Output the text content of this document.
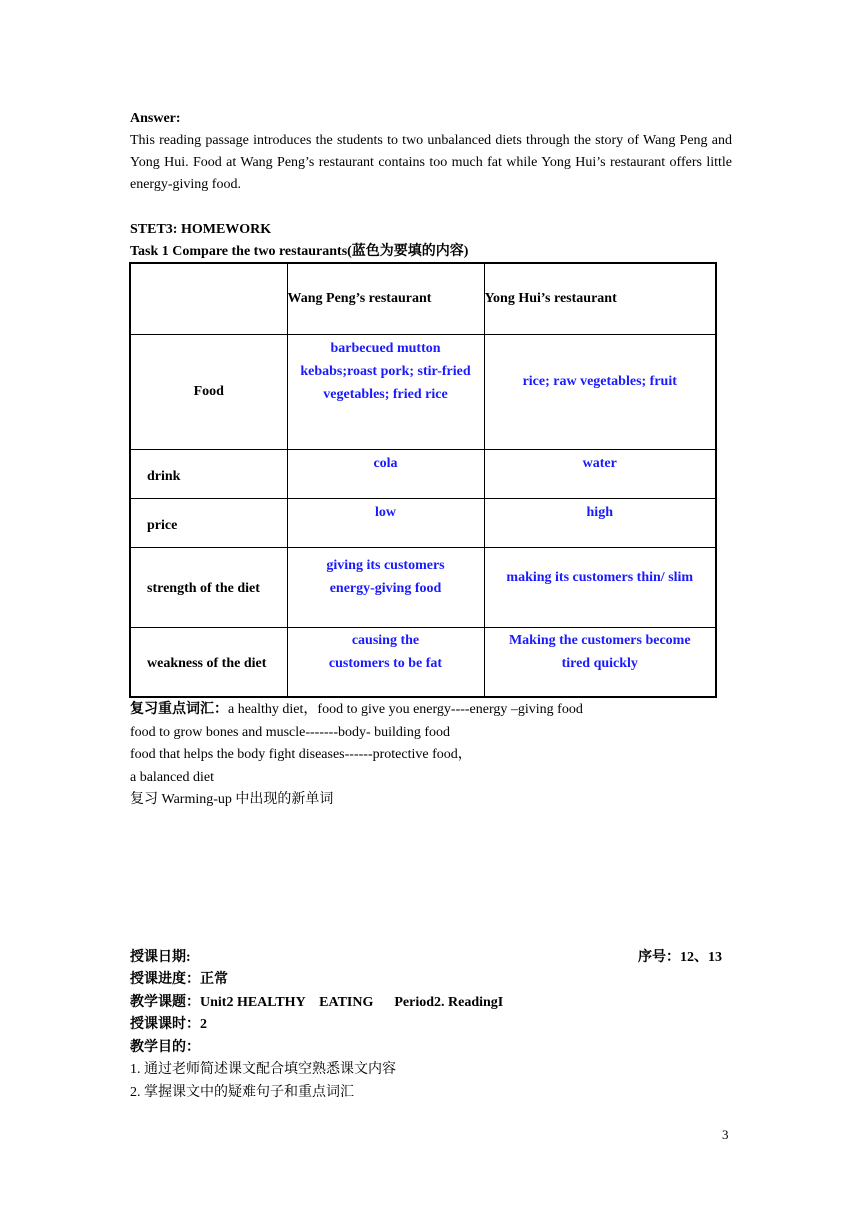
Answer:
This reading passage introduces the students to two unbalanced diets through the story of Wang Peng and Yong Hui. Food at Wang Peng’s restaurant contains too much fat while Yong Hui’s restaurant offers little energy-giving food.
STET3: HOMEWORK
Task 1 Compare the two restaurants(蓝色为要填的内容)
	Wang Peng’s restaurant	Yong Hui’s restaurant
Food	barbecued mutton kebabs;roast pork; stir-fried vegetables; fried rice	rice; raw vegetables; fruit
drink	cola	water
price	low	high
strength of the diet	giving its customers energy-giving food	making its customers thin/ slim
weakness of the diet	causing the customers to be fat	Making the customers become tired quickly
复习重点词汇：a healthy diet，food to give you energy----energy –giving food
food to grow bones and muscle-------body- building food
food that helps the body fight diseases------protective food，
a balanced diet
复习 Warming-up 中出现的新单词
授课日期:	序号：12、13
授课进度：正常
教学课题：Unit2 HEALTHY    EATING      Period2. ReadingI
授课课时：2
教学目的：
1. 通过老师简述课文配合填空熟悉课文内容
2. 掌握课文中的疑难句子和重点词汇
3
